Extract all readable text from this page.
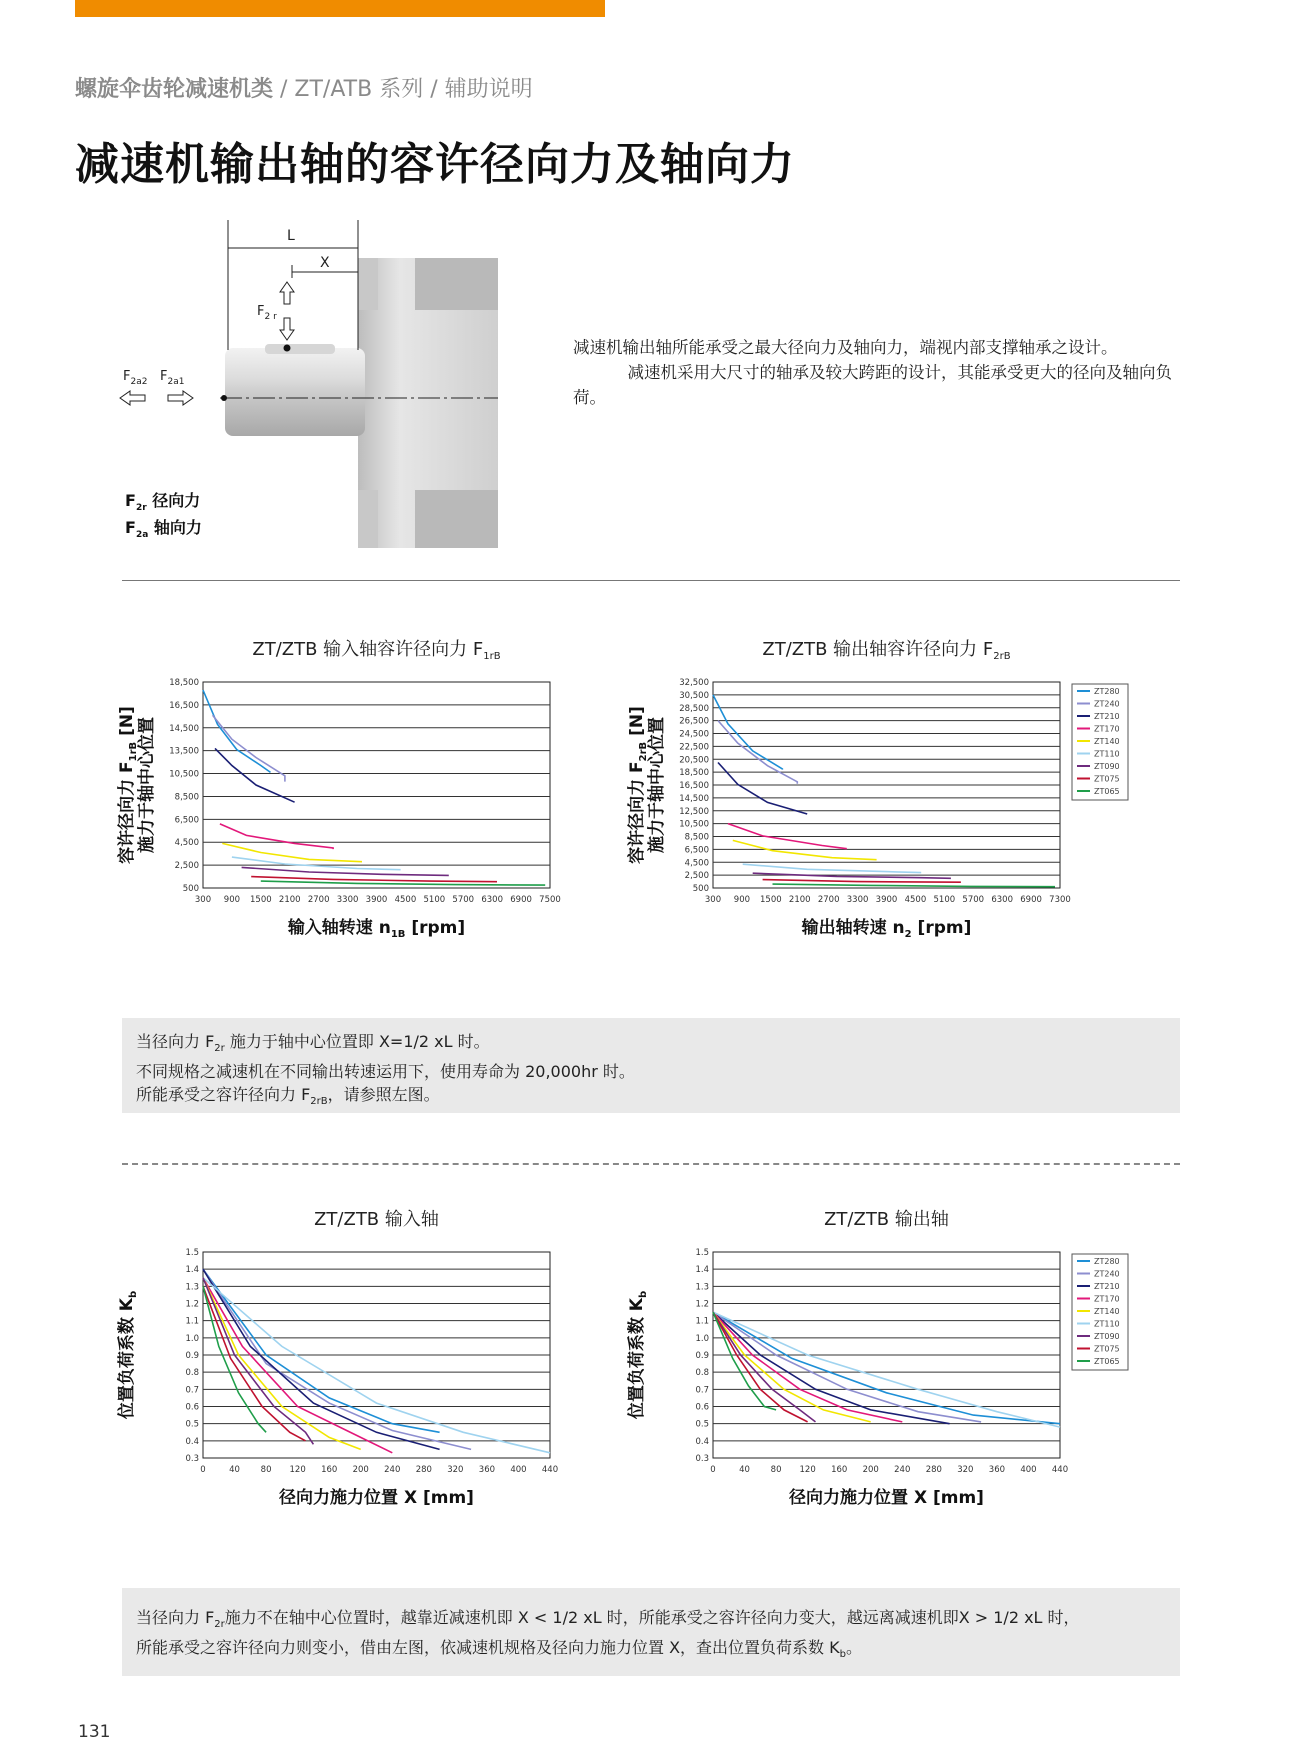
螺旋伞齿轮减速机类 / ZT/ATB 系列 / 辅助说明
减速机输出轴的容许径向力及轴向力
L
X
$F_{2 r}$
$F_{2a2}$ $F_{2a1}$
$F_{2r}$ 径向力
$F_{2a}$ 轴向力

减速机输出轴所能承受之最大径向力及轴向力，端视内部支撑轴承之设计。

减速机采用大尺寸的轴承及较大跨距的设计，其能承受更大的径向及轴向负荷。

ZT/ZTB 输入轴容许径向力 $F_{1rB}$
500
2,500
4,500
6,500
8,500
10,500
13,500
14,500
16,500
18,500
300 900 1500 2100 2700 3300 3900 4500 5100 5700 6300 6900 7500
输入轴转速 $n_{1B}$ [rpm]
容许径向力 $F_{1rB}$ [N] 施力于轴中心位置
ZT/ZTB 输出轴容许径向力 $F_{2rB}$
500
2,500
4,500
6,500
8,500
10,500
12,500
14,500
16,500
18,500
20,500
22,500
24,500
26,500
28,500
30,500
32,500
300 900 1500 2100 2700 3300 3900 4500 5100 5700 6300 6900 7300
输出轴转速 $n_2$ [rpm]
容许径向力 $F_{2rB}$ [N] 施力于轴中心位置
ZT280
ZT240
ZT210
ZT170
ZT140
ZT110
ZT090
ZT075
ZT065

当径向力 $F_{2r}$ 施力于轴中心位置即 X=1/2 xL 时。

不同规格之减速机在不同输出转速运用下，使用寿命为 20,000hr 时。

所能承受之容许径向力 $F_{2rB}$，请参照左图。

ZT/ZTB 输入轴
0.3
0.4
0.5
0.6
0.7
0.8
0.9
1.0
1.1
1.2
1.3
1.4
1.5
0	40 80 120 160 200 240 280 320 360 400 440
径向力施力位置 X [mm]
位置负荷系数 $K_b$
ZT/ZTB 输出轴
0.3
0.4
0.5
0.6
0.7
0.8
0.9
1.0
1.1
1.2
1.3
1.4
1.5
0	40 80 120 160 200 240 280 320 360 400 440
径向力施力位置 X [mm]
位置负荷系数 $K_b$
ZT280
ZT240
ZT210
ZT170
ZT140
ZT110
ZT090
ZT075
ZT065

当径向力 $F_{2r}$施力不在轴中心位置时，越靠近减速机即 X < 1/2 xL 时，所能承受之容许径向力变大，越远离减速机即X > 1/2 xL 时，

所能承受之容许径向力则变小，借由左图，依减速机规格及径向力施力位置 X，查出位置负荷系数 $K_b$。

131
